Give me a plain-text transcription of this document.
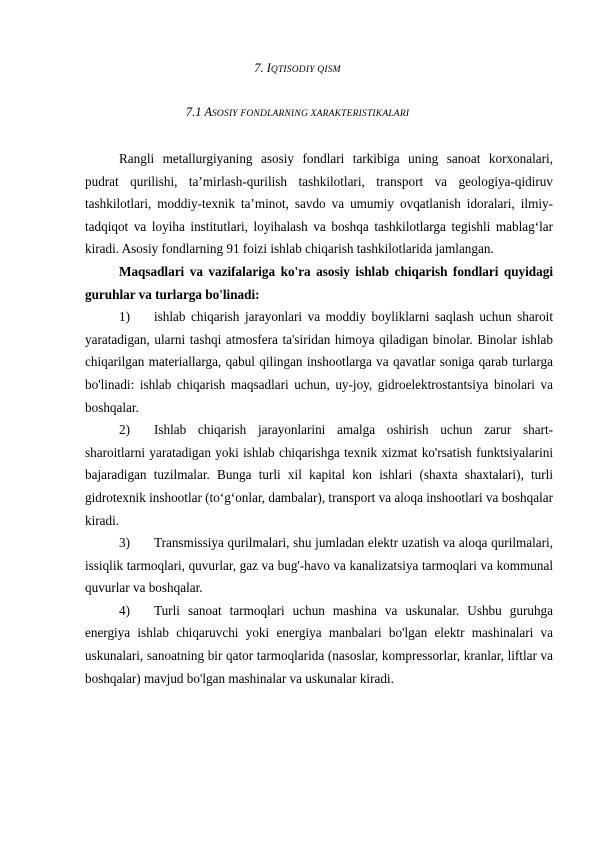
7. IQTISODIY QISM
7.1 ASOSIY FONDLARNING XARAKTERISTIKALARI

Rangli metallurgiyaning asosiy fondlari tarkibiga uning sanoat korxonalari, pudrat qurilishi, ta’mirlash-qurilish tashkilotlari, transport va geologiya-qidiruv tashkilotlari, moddiy-texnik ta’minot, savdo va umumiy ovqatlanish idoralari, ilmiy-tadqiqot va loyiha institutlari, loyihalash va boshqa tashkilotlarga tegishli mablag‘lar kiradi. Asosiy fondlarning 91 foizi ishlab chiqarish tashkilotlarida jamlangan.

Maqsadlari va vazifalariga ko'ra asosiy ishlab chiqarish fondlari quyidagi guruhlar va turlarga bo'linadi:

1) ishlab chiqarish jarayonlari va moddiy boyliklarni saqlash uchun sharoit yaratadigan, ularni tashqi atmosfera ta'siridan himoya qiladigan binolar. Binolar ishlab chiqarilgan materiallarga, qabul qilingan inshootlarga va qavatlar soniga qarab turlarga bo'linadi: ishlab chiqarish maqsadlari uchun, uy-joy, gidroelektrostantsiya binolari va boshqalar.

2) Ishlab chiqarish jarayonlarini amalga oshirish uchun zarur shart-sharoitlarni yaratadigan yoki ishlab chiqarishga texnik xizmat ko'rsatish funktsiyalarini bajaradigan tuzilmalar. Bunga turli xil kapital kon ishlari (shaxta shaxtalari), turli gidrotexnik inshootlar (to‘g‘onlar, dambalar), transport va aloqa inshootlari va boshqalar kiradi.

3) Transmissiya qurilmalari, shu jumladan elektr uzatish va aloqa qurilmalari, issiqlik tarmoqlari, quvurlar, gaz va bug'-havo va kanalizatsiya tarmoqlari va kommunal quvurlar va boshqalar.

4) Turli sanoat tarmoqlari uchun mashina va uskunalar. Ushbu guruhga energiya ishlab chiqaruvchi yoki energiya manbalari bo'lgan elektr mashinalari va uskunalari, sanoatning bir qator tarmoqlarida (nasoslar, kompressorlar, kranlar, liftlar va boshqalar) mavjud bo'lgan mashinalar va uskunalar kiradi.
